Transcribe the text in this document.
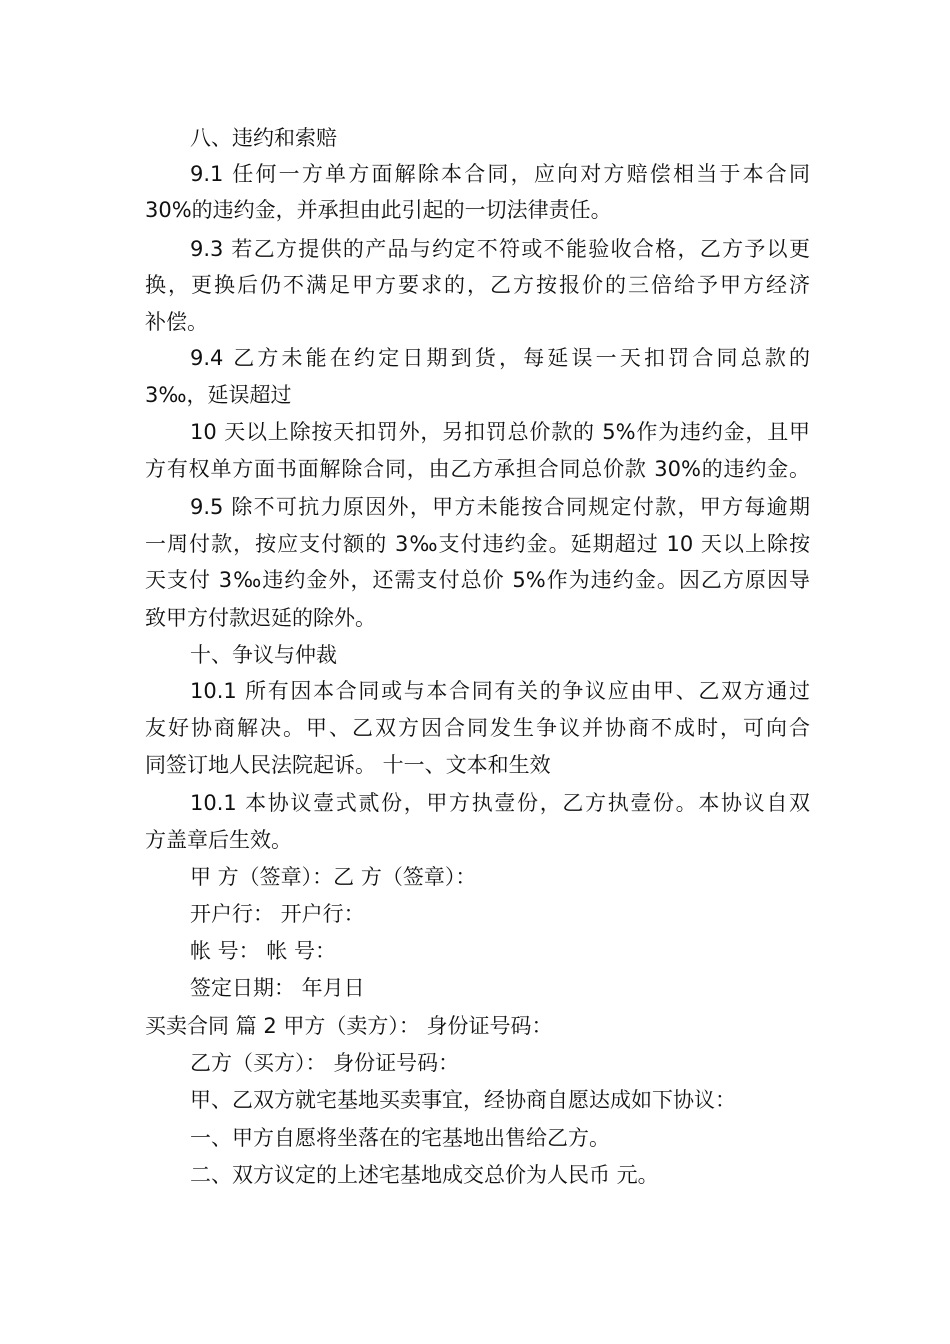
八、违约和索赔
9.1 任何一方单方面解除本合同，应向对方赔偿相当于本合同
30%的违约金，并承担由此引起的一切法律责任。
9.3 若乙方提供的产品与约定不符或不能验收合格，乙方予以更
换，更换后仍不满足甲方要求的，乙方按报价的三倍给予甲方经济
补偿。
9.4 乙方未能在约定日期到货，每延误一天扣罚合同总款的
3‰，延误超过
10 天以上除按天扣罚外，另扣罚总价款的 5%作为违约金，且甲
方有权单方面书面解除合同，由乙方承担合同总价款 30%的违约金。
9.5 除不可抗力原因外，甲方未能按合同规定付款，甲方每逾期
一周付款，按应支付额的 3‰支付违约金。延期超过 10 天以上除按
天支付 3‰违约金外，还需支付总价 5%作为违约金。因乙方原因导
致甲方付款迟延的除外。
十、争议与仲裁
10.1 所有因本合同或与本合同有关的争议应由甲、乙双方通过
友好协商解决。甲、乙双方因合同发生争议并协商不成时，可向合
同签订地人民法院起诉。 十一、文本和生效
10.1 本协议壹式贰份，甲方执壹份，乙方执壹份。本协议自双
方盖章后生效。
甲 方（签章）：乙 方（签章）：
开户行： 开户行：
帐 号： 帐 号：
签定日期： 年月日
买卖合同 篇 2 甲方（卖方）： 身份证号码：
乙方（买方）： 身份证号码：
甲、乙双方就宅基地买卖事宜，经协商自愿达成如下协议：
一、甲方自愿将坐落在的宅基地出售给乙方。
二、双方议定的上述宅基地成交总价为人民币 元。
